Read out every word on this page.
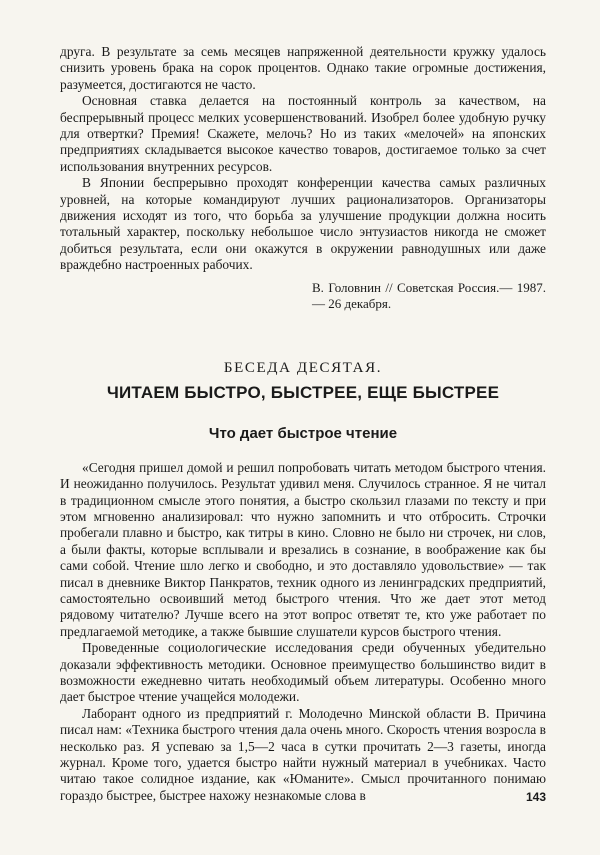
друга. В результате за семь месяцев напряженной деятельности кружку удалось снизить уровень брака на сорок процентов. Однако такие огромные достижения, разумеется, достигаются не часто.

Основная ставка делается на постоянный контроль за качеством, на беспрерывный процесс мелких усовершенствований. Изобрел более удобную ручку для отвертки? Премия! Скажете, мелочь? Но из таких «мелочей» на японских предприятиях складывается высокое качество товаров, достигаемое только за счет использования внутренних ресурсов.

В Японии беспрерывно проходят конференции качества самых различных уровней, на которые командируют лучших рационализаторов. Организаторы движения исходят из того, что борьба за улучшение продукции должна носить тотальный характер, поскольку небольшое число энтузиастов никогда не сможет добиться результата, если они окажутся в окружении равнодушных или даже враждебно настроенных рабочих.

В. Головнин // Советская Россия.— 1987.— 26 декабря.
БЕСЕДА ДЕСЯТАЯ.
ЧИТАЕМ БЫСТРО, БЫСТРЕЕ, ЕЩЕ БЫСТРЕЕ
Что дает быстрое чтение

«Сегодня пришел домой и решил попробовать читать методом быстрого чтения. И неожиданно получилось. Результат удивил меня. Случилось странное. Я не читал в традиционном смысле этого понятия, а быстро скользил глазами по тексту и при этом мгновенно анализировал: что нужно запомнить и что отбросить. Строчки пробегали плавно и быстро, как титры в кино. Словно не было ни строчек, ни слов, а были факты, которые всплывали и врезались в сознание, в воображение как бы сами собой. Чтение шло легко и свободно, и это доставляло удовольствие» — так писал в дневнике Виктор Панкратов, техник одного из ленинградских предприятий, самостоятельно освоивший метод быстрого чтения. Что же дает этот метод рядовому читателю? Лучше всего на этот вопрос ответят те, кто уже работает по предлагаемой методике, а также бывшие слушатели курсов быстрого чтения.

Проведенные социологические исследования среди обученных убедительно доказали эффективность методики. Основное преимущество большинство видит в возможности ежедневно читать необходимый объем литературы. Особенно много дает быстрое чтение учащейся молодежи.

Лаборант одного из предприятий г. Молодечно Минской области В. Причина писал нам: «Техника быстрого чтения дала очень много. Скорость чтения возросла в несколько раз. Я успеваю за 1,5—2 часа в сутки прочитать 2—3 газеты, иногда журнал. Кроме того, удается быстро найти нужный материал в учебниках. Часто читаю такое солидное издание, как «Юманите». Смысл прочитанного понимаю гораздо быстрее, быстрее нахожу незнакомые слова в	143
